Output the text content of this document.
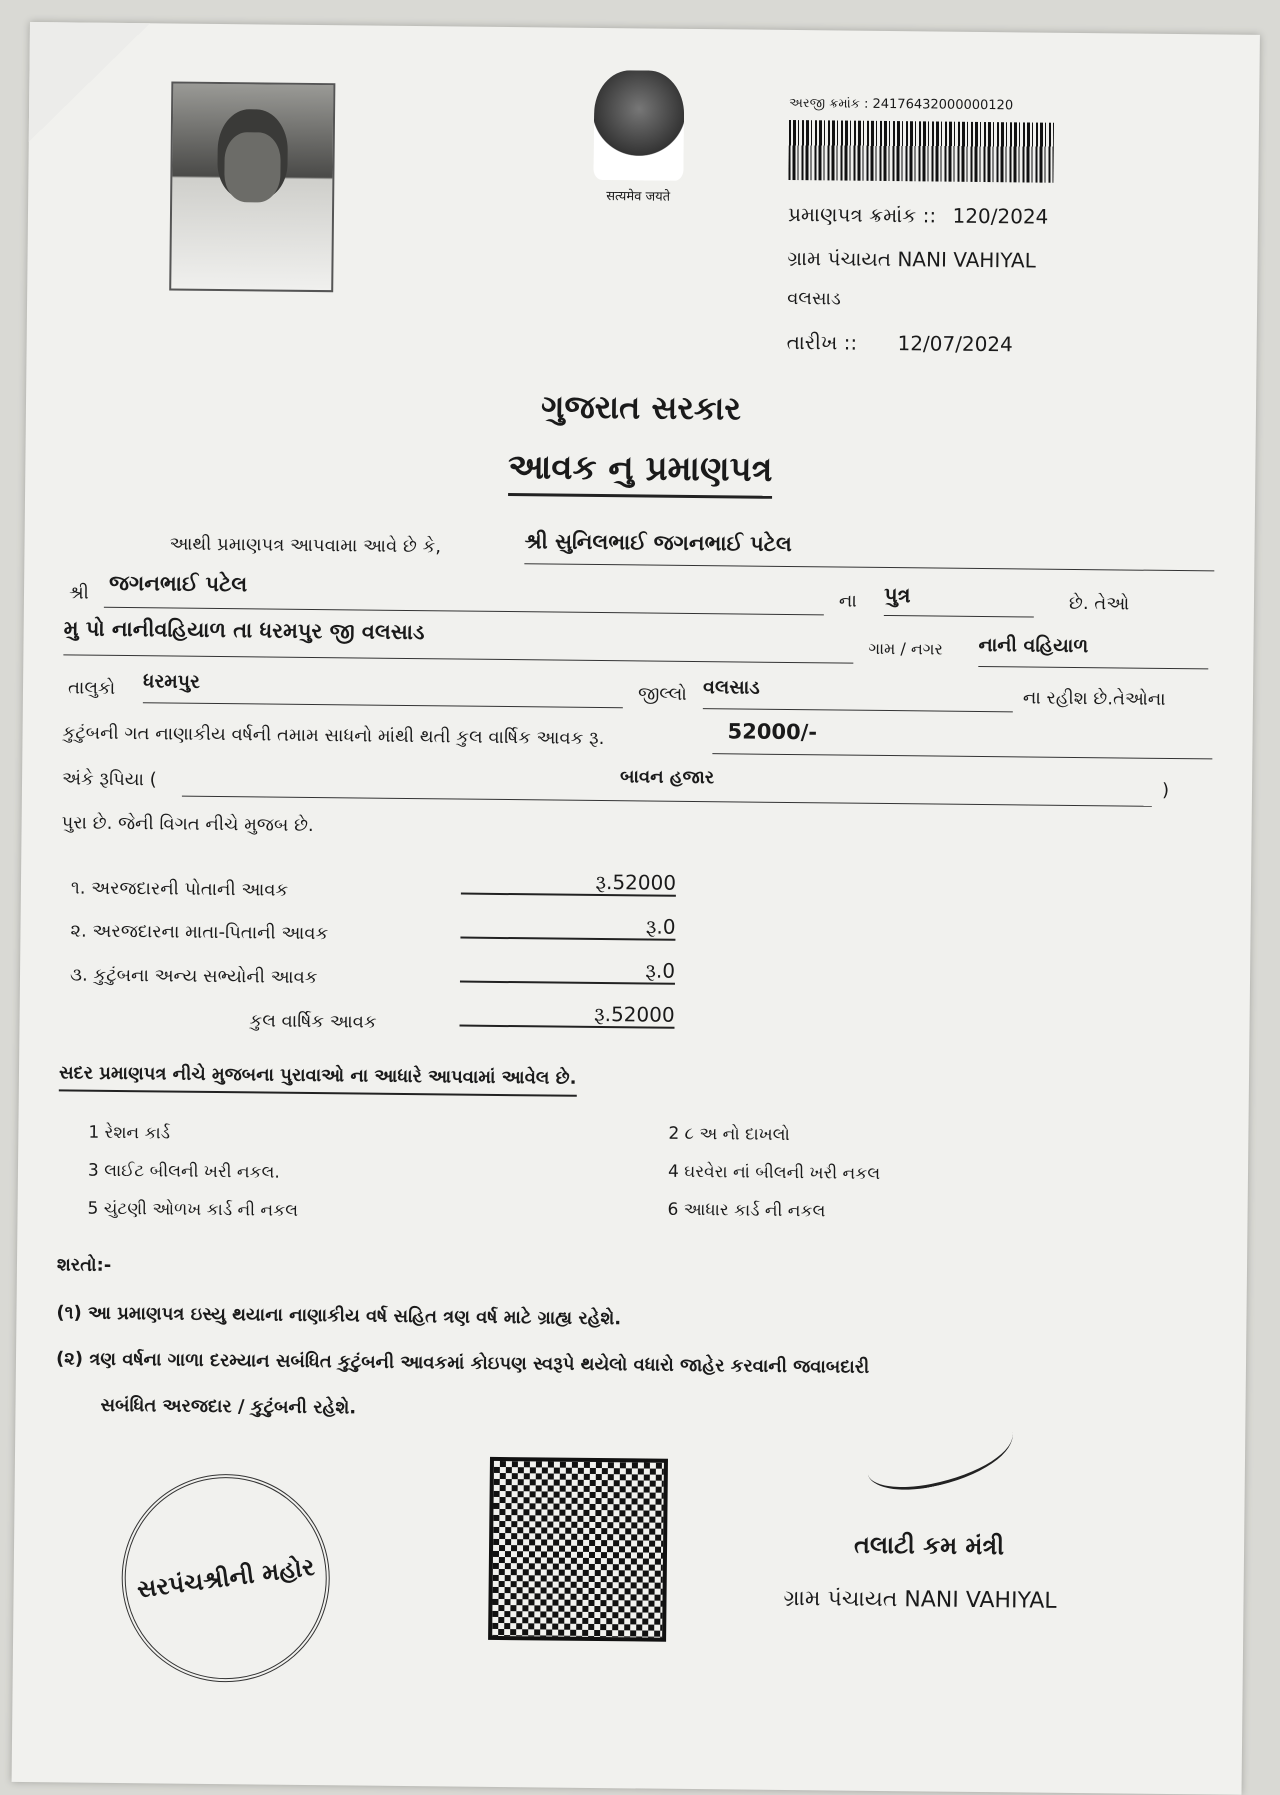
सत्यमेव जयते
અરજી ક્રમાંક : 24176432000000120
પ્રમાણપત્ર ક્રમાંક :: 120/2024
ગ્રામ પંચાયત NANI VAHIYAL
વલસાડ
તારીખ :: 12/07/2024
ગુજરાત સરકાર
આવક નુ પ્રમાણપત્ર
આથી પ્રમાણપત્ર આપવામા આવે છે કે,	શ્રી સુનિલભાઈ જગનભાઈ પટેલ
શ્રી જગનભાઈ પટેલ
ના પુત્ર	છે. તેઓ
મુ પો નાનીવહિયાળ તા ધરમપુર જી વલસાડ
ગામ / નગર નાની વહિયાળ
તાલુકો ધરમપુર
જીલ્લો વલસાડ
ના રહીશ છે.તેઓના
કુટુંબની ગત નાણાકીય વર્ષની તમામ સાધનો માંથી થતી કુલ વાર્ષિક આવક રૂ.	52000/-
અંકે રૂપિયા (	બાવન હજાર
)
પુરા છે. જેની વિગત નીચે મુજબ છે.
૧. અરજદારની પોતાની આવક	રૂ.52000
૨. અરજદારના માતા-પિતાની આવક	રૂ.0
૩. કુટુંબના અન્ય સભ્યોની આવક	રૂ.0
કુલ વાર્ષિક આવક	રૂ.52000
સદર પ્રમાણપત્ર નીચે મુજબના પુરાવાઓ ના આધારે આપવામાં આવેલ છે.
1 રેશન કાર્ડ	2 ૮ અ નો દાખલો
3 લાઈટ બીલની ખરી નકલ.	4 ઘરવેરા નાં બીલની ખરી નકલ
5 ચુંટણી ઓળખ કાર્ડ ની નકલ	6 આધાર કાર્ડ ની નકલ
શરતો:-
(૧) આ પ્રમાણપત્ર ઇસ્યુ થયાના નાણાકીય વર્ષ સહિત ત્રણ વર્ષ માટે ગ્રાહ્ય રહેશે.
(૨) ત્રણ વર્ષના ગાળા દરમ્યાન સબંધિત કુટુંબની આવકમાં કોઇપણ સ્વરૂપે થયેલો વધારો જાહેર કરવાની જવાબદારી
સબંધિત અરજદાર / કુટુંબની રહેશે.
સરપંચશ્રીની મહોર
તલાટી કમ મંત્રી
ગ્રામ પંચાયત NANI VAHIYAL
